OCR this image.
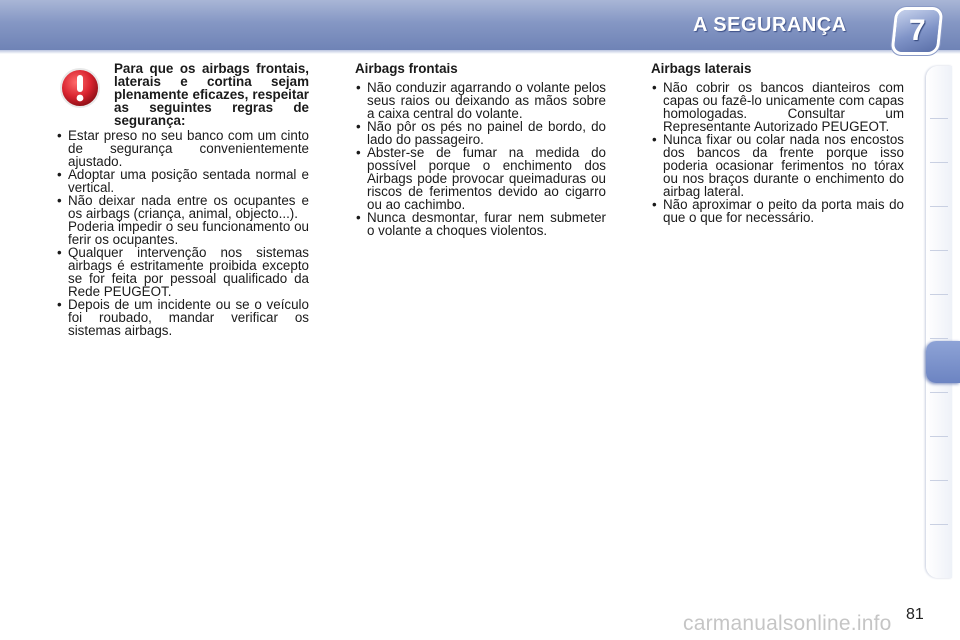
A SEGURANÇA 7
Para que os airbags frontais, laterais e cortina sejam plenamente eficazes, respeitar as seguintes regras de segurança:
• Estar preso no seu banco com um cinto de segurança convenientemente ajustado.
• Adoptar uma posição sentada normal e vertical.
• Não deixar nada entre os ocupantes e os airbags (criança, animal, objecto...).
Poderia impedir o seu funcionamento ou ferir os ocupantes.
• Qualquer intervenção nos sistemas airbags é estritamente proibida excepto se for feita por pessoal qualificado da Rede PEUGEOT.
• Depois de um incidente ou se o veículo foi roubado, mandar verificar os sistemas airbags.
Airbags frontais
• Não conduzir agarrando o volante pelos seus raios ou deixando as mãos sobre a caixa central do volante.
• Não pôr os pés no painel de bordo, do lado do passageiro.
• Abster-se de fumar na medida do possível porque o enchimento dos Airbags pode provocar queimaduras ou riscos de ferimentos devido ao cigarro ou ao cachimbo.
• Nunca desmontar, furar nem submeter o volante a choques violentos.
Airbags laterais
• Não cobrir os bancos dianteiros com capas ou fazê-lo unicamente com capas homologadas. Consultar um Representante Autorizado PEUGEOT.
• Nunca fixar ou colar nada nos encostos dos bancos da frente porque isso poderia ocasionar ferimentos no tórax ou nos braços durante o enchimento do airbag lateral.
• Não aproximar o peito da porta mais do que o que for necessário.
81
carmanualsonline.info
